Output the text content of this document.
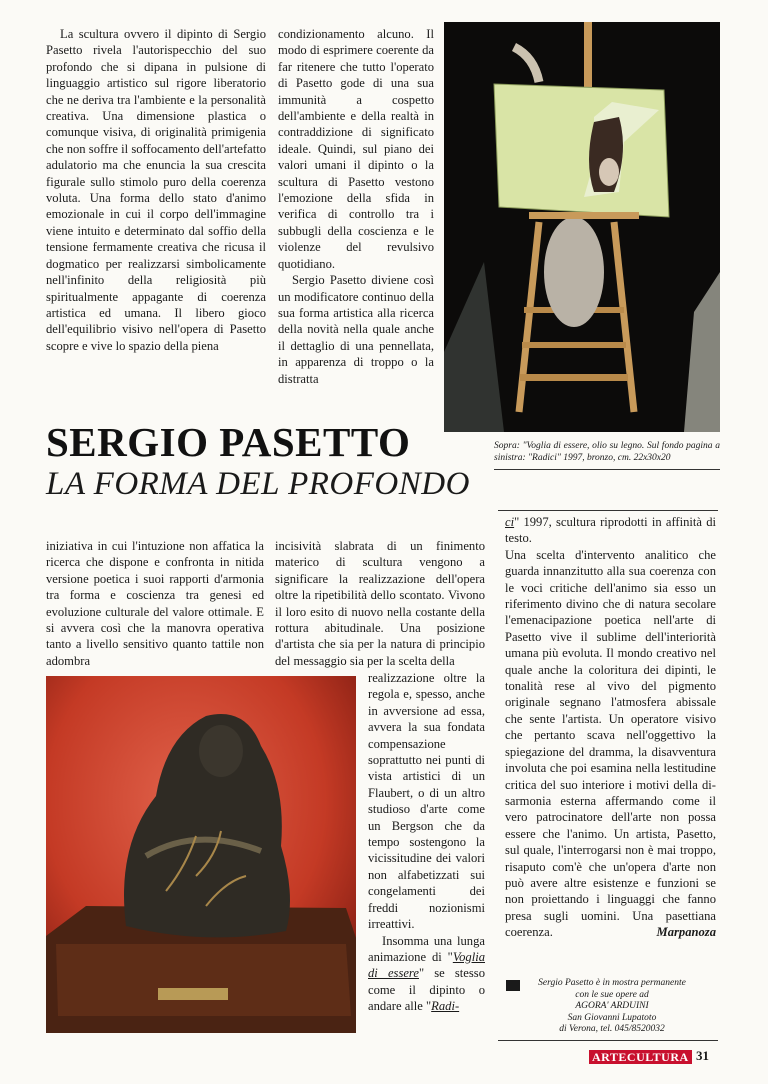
La scultura ovvero il dipinto di Sergio Pasetto rivela l'autorispecchio del suo profondo che si dipana in pulsione di linguaggio artistico sul rigore liberatorio che ne deriva tra l'ambiente e la personalità creativa. Una dimensione plastica o comunque visiva, di originalità primigenia che non soffre il soffocamento dell'artefatto adulatorio ma che enuncia la sua crescita figurale sullo stimolo puro della coerenza voluta. Una forma dello stato d'animo emozionale in cui il corpo dell'immagine viene intuito e determinato dal soffio della tensione fermamente creativa che ricusa il dogmatico per realizzarsi simbolicamente nell'infinito della religiosità più spiritualmente appagante di coerenza artistica ed umana. Il libero gioco dell'equilibrio visivo nell'opera di Pasetto scopre e vive lo spazio della piena

condizionamento alcuno. Il modo di esprimere coerente da far ritenere che tutto l'operato di Pasetto gode di una sua immunità a cospetto dell'ambiente e della realtà in contraddizione di significato ideale. Quindi, sul piano dei valori umani il dipinto o la scultura di Pasetto vestono l'emozione della sfida in verifica di controllo tra i subbugli della coscienza e le violenze del revulsivo quotidiano.

Sergio Pasetto diviene così un modificatore continuo della sua forma artistica alla ricerca della novità nella quale anche il dettaglio di una pennellata, in apparenza di troppo o la distratta

SERGIO PASETTO
LA FORMA DEL PROFONDO

Sopra: "Voglia di essere, olio su legno. Sul fondo pagina a sinistra: "Radici" 1997, bronzo, cm. 22x30x20

iniziativa in cui l'intuzione non affatica la ricerca che dispone e confronta in nitida versione poetica i suoi rapporti d'armonia tra forma e coscienza tra genesi ed evoluzione culturale del valore ottimale. E si avvera così che la manovra operativa tanto a livello sensitivo quanto tattile non adombra

incisività slabrata di un finimento materico di scultura vengono a significare la realizzazione dell'opera oltre la ripetibilità dello scontato. Vivono il loro esito di nuovo nella costante della rottura abitudinale. Una posizione d'artista che sia per la natura di principio del messaggio sia per la scelta della

realizzazione oltre la regola e, spesso, anche in avversione ad essa, avvera la sua fondata compensazione soprattutto nei punti di vista artistici di un Flaubert, o di un altro studioso d'arte come un Bergson che da tempo sostengono la vicissitudine dei valori non alfabetizzati sui congelamenti dei freddi nozionismi irreattivi.

Insomma una lunga animazione di "Voglia di essere" se stesso come il dipinto o andare alle "Radi-

ci" 1997, scultura riprodotti in affinità di testo.

Una scelta d'intervento analitico che guarda innanzitutto alla sua coerenza con le voci critiche dell'animo sia esso un riferimento divino che di natura secolare l'emenacipazione poetica nell'arte di Pasetto vive il sublime dell'interiorità umana più evoluta. Il mondo creativo nel quale anche la coloritura dei dipinti, le tonalità rese al vivo del pigmento originale segnano l'atmosfera abissale che sente l'artista. Un operatore visivo che pertanto scava nell'oggettivo la spiegazione del dramma, la disavventura involuta che poi esamina nella lestitudine critica del suo interiore i motivi della di-sarmonia esterna affermando come il vero patrocinatore dell'arte non possa essere che l'animo. Un artista, Pasetto, sul quale, l'interrogarsi non è mai troppo, risaputo com'è che un'opera d'arte non può avere altre esistenze e funzioni se non proiettando i linguaggi che fanno presa sugli uomini. Una pasettiana coerenza.	Marpanoza

Sergio Pasetto è in mostra permanente
con le sue opere ad
AGORA' ARDUINI
San Giovanni Lupatoto
di Verona, tel. 045/8520032
ARTECULTURA 31
